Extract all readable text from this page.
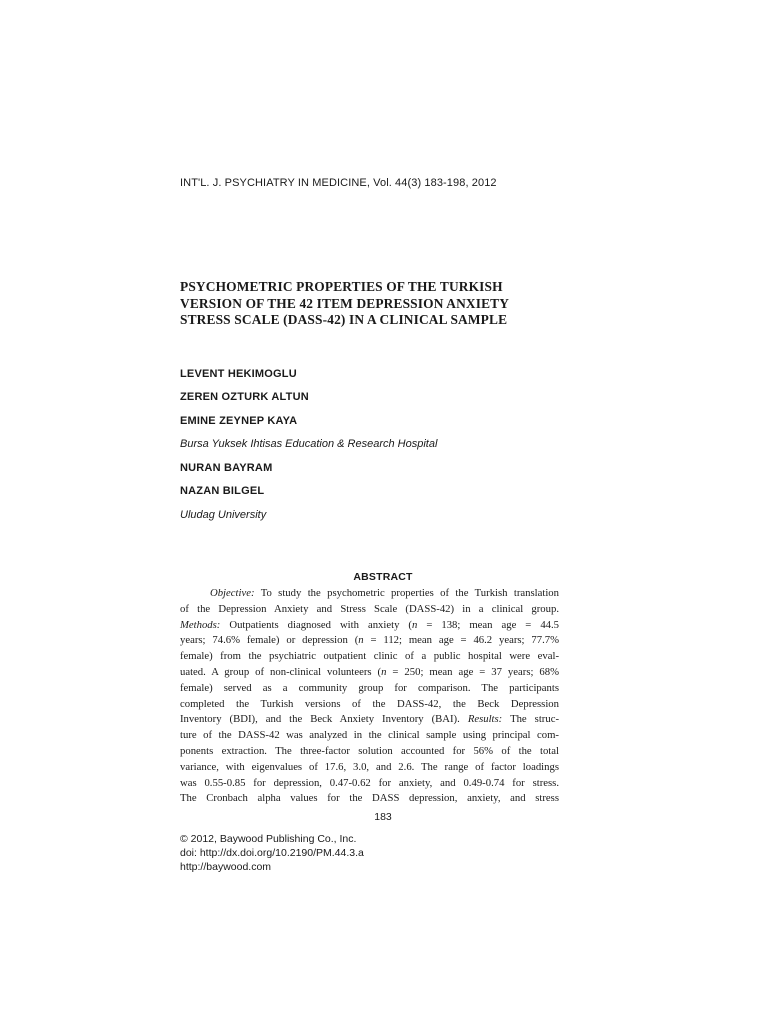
INT'L. J. PSYCHIATRY IN MEDICINE, Vol. 44(3) 183-198, 2012
PSYCHOMETRIC PROPERTIES OF THE TURKISH
VERSION OF THE 42 ITEM DEPRESSION ANXIETY
STRESS SCALE (DASS-42) IN A CLINICAL SAMPLE
LEVENT HEKIMOGLU
ZEREN OZTURK ALTUN
EMINE ZEYNEP KAYA
Bursa Yuksek Ihtisas Education & Research Hospital
NURAN BAYRAM
NAZAN BILGEL
Uludag University
ABSTRACT
Objective: To study the psychometric properties of the Turkish translation
of the Depression Anxiety and Stress Scale (DASS-42) in a clinical group.
Methods: Outpatients diagnosed with anxiety (n = 138; mean age = 44.5
years; 74.6% female) or depression (n = 112; mean age = 46.2 years; 77.7%
female) from the psychiatric outpatient clinic of a public hospital were eval-
uated. A group of non-clinical volunteers (n = 250; mean age = 37 years; 68%
female) served as a community group for comparison. The participants
completed the Turkish versions of the DASS-42, the Beck Depression
Inventory (BDI), and the Beck Anxiety Inventory (BAI). Results: The struc-
ture of the DASS-42 was analyzed in the clinical sample using principal com-
ponents extraction. The three-factor solution accounted for 56% of the total
variance, with eigenvalues of 17.6, 3.0, and 2.6. The range of factor loadings
was 0.55-0.85 for depression, 0.47-0.62 for anxiety, and 0.49-0.74 for stress.
The Cronbach alpha values for the DASS depression, anxiety, and stress
183
© 2012, Baywood Publishing Co., Inc.
doi: http://dx.doi.org/10.2190/PM.44.3.a
http://baywood.com
